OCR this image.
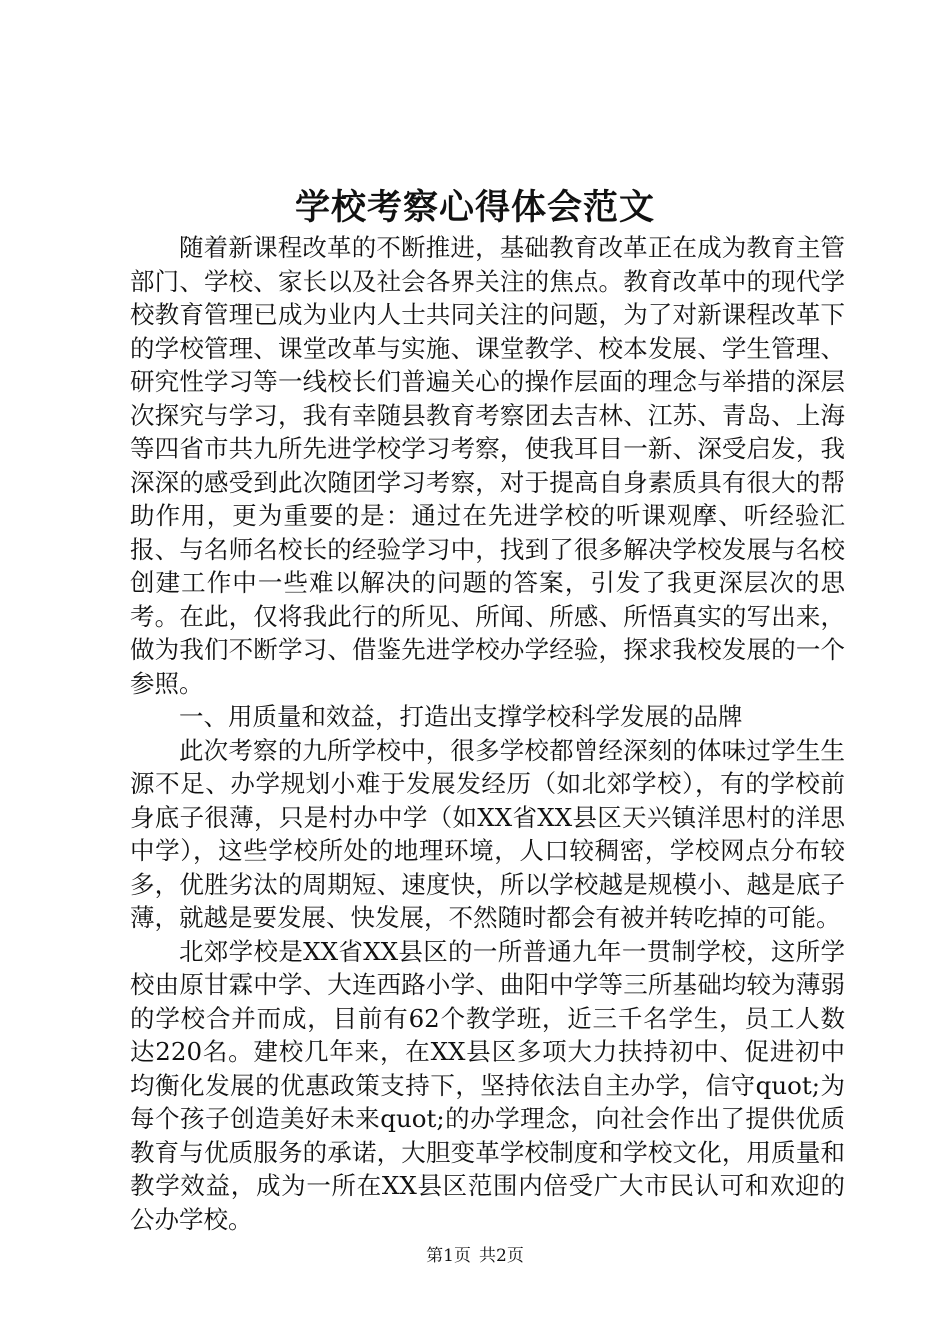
学校考察心得体会范文

随着新课程改革的不断推进，基础教育改革正在成为教育主管部门、学校、家长以及社会各界关注的焦点。教育改革中的现代学校教育管理已成为业内人士共同关注的问题，为了对新课程改革下的学校管理、课堂改革与实施、课堂教学、校本发展、学生管理、研究性学习等一线校长们普遍关心的操作层面的理念与举措的深层次探究与学习，我有幸随县教育考察团去吉林、江苏、青岛、上海等四省市共九所先进学校学习考察，使我耳目一新、深受启发，我深深的感受到此次随团学习考察，对于提高自身素质具有很大的帮助作用，更为重要的是：通过在先进学校的听课观摩、听经验汇报、与名师名校长的经验学习中，找到了很多解决学校发展与名校创建工作中一些难以解决的问题的答案，引发了我更深层次的思考。在此，仅将我此行的所见、所闻、所感、所悟真实的写出来，做为我们不断学习、借鉴先进学校办学经验，探求我校发展的一个参照。

一、用质量和效益，打造出支撑学校科学发展的品牌

此次考察的九所学校中，很多学校都曾经深刻的体味过学生生源不足、办学规划小难于发展发经历（如北郊学校），有的学校前身底子很薄，只是村办中学（如XX省XX县区天兴镇洋思村的洋思中学），这些学校所处的地理环境，人口较稠密，学校网点分布较多，优胜劣汰的周期短、速度快，所以学校越是规模小、越是底子薄，就越是要发展、快发展，不然随时都会有被并转吃掉的可能。

北郊学校是XX省XX县区的一所普通九年一贯制学校，这所学校由原甘霖中学、大连西路小学、曲阳中学等三所基础均较为薄弱的学校合并而成，目前有62个教学班，近三千名学生，员工人数达220名。建校几年来，在XX县区多项大力扶持初中、促进初中均衡化发展的优惠政策支持下，坚持依法自主办学，信守quot;为每个孩子创造美好未来quot;的办学理念，向社会作出了提供优质教育与优质服务的承诺，大胆变革学校制度和学校文化，用质量和教学效益，成为一所在XX县区范围内倍受广大市民认可和欢迎的公办学校。

第1页 共2页
